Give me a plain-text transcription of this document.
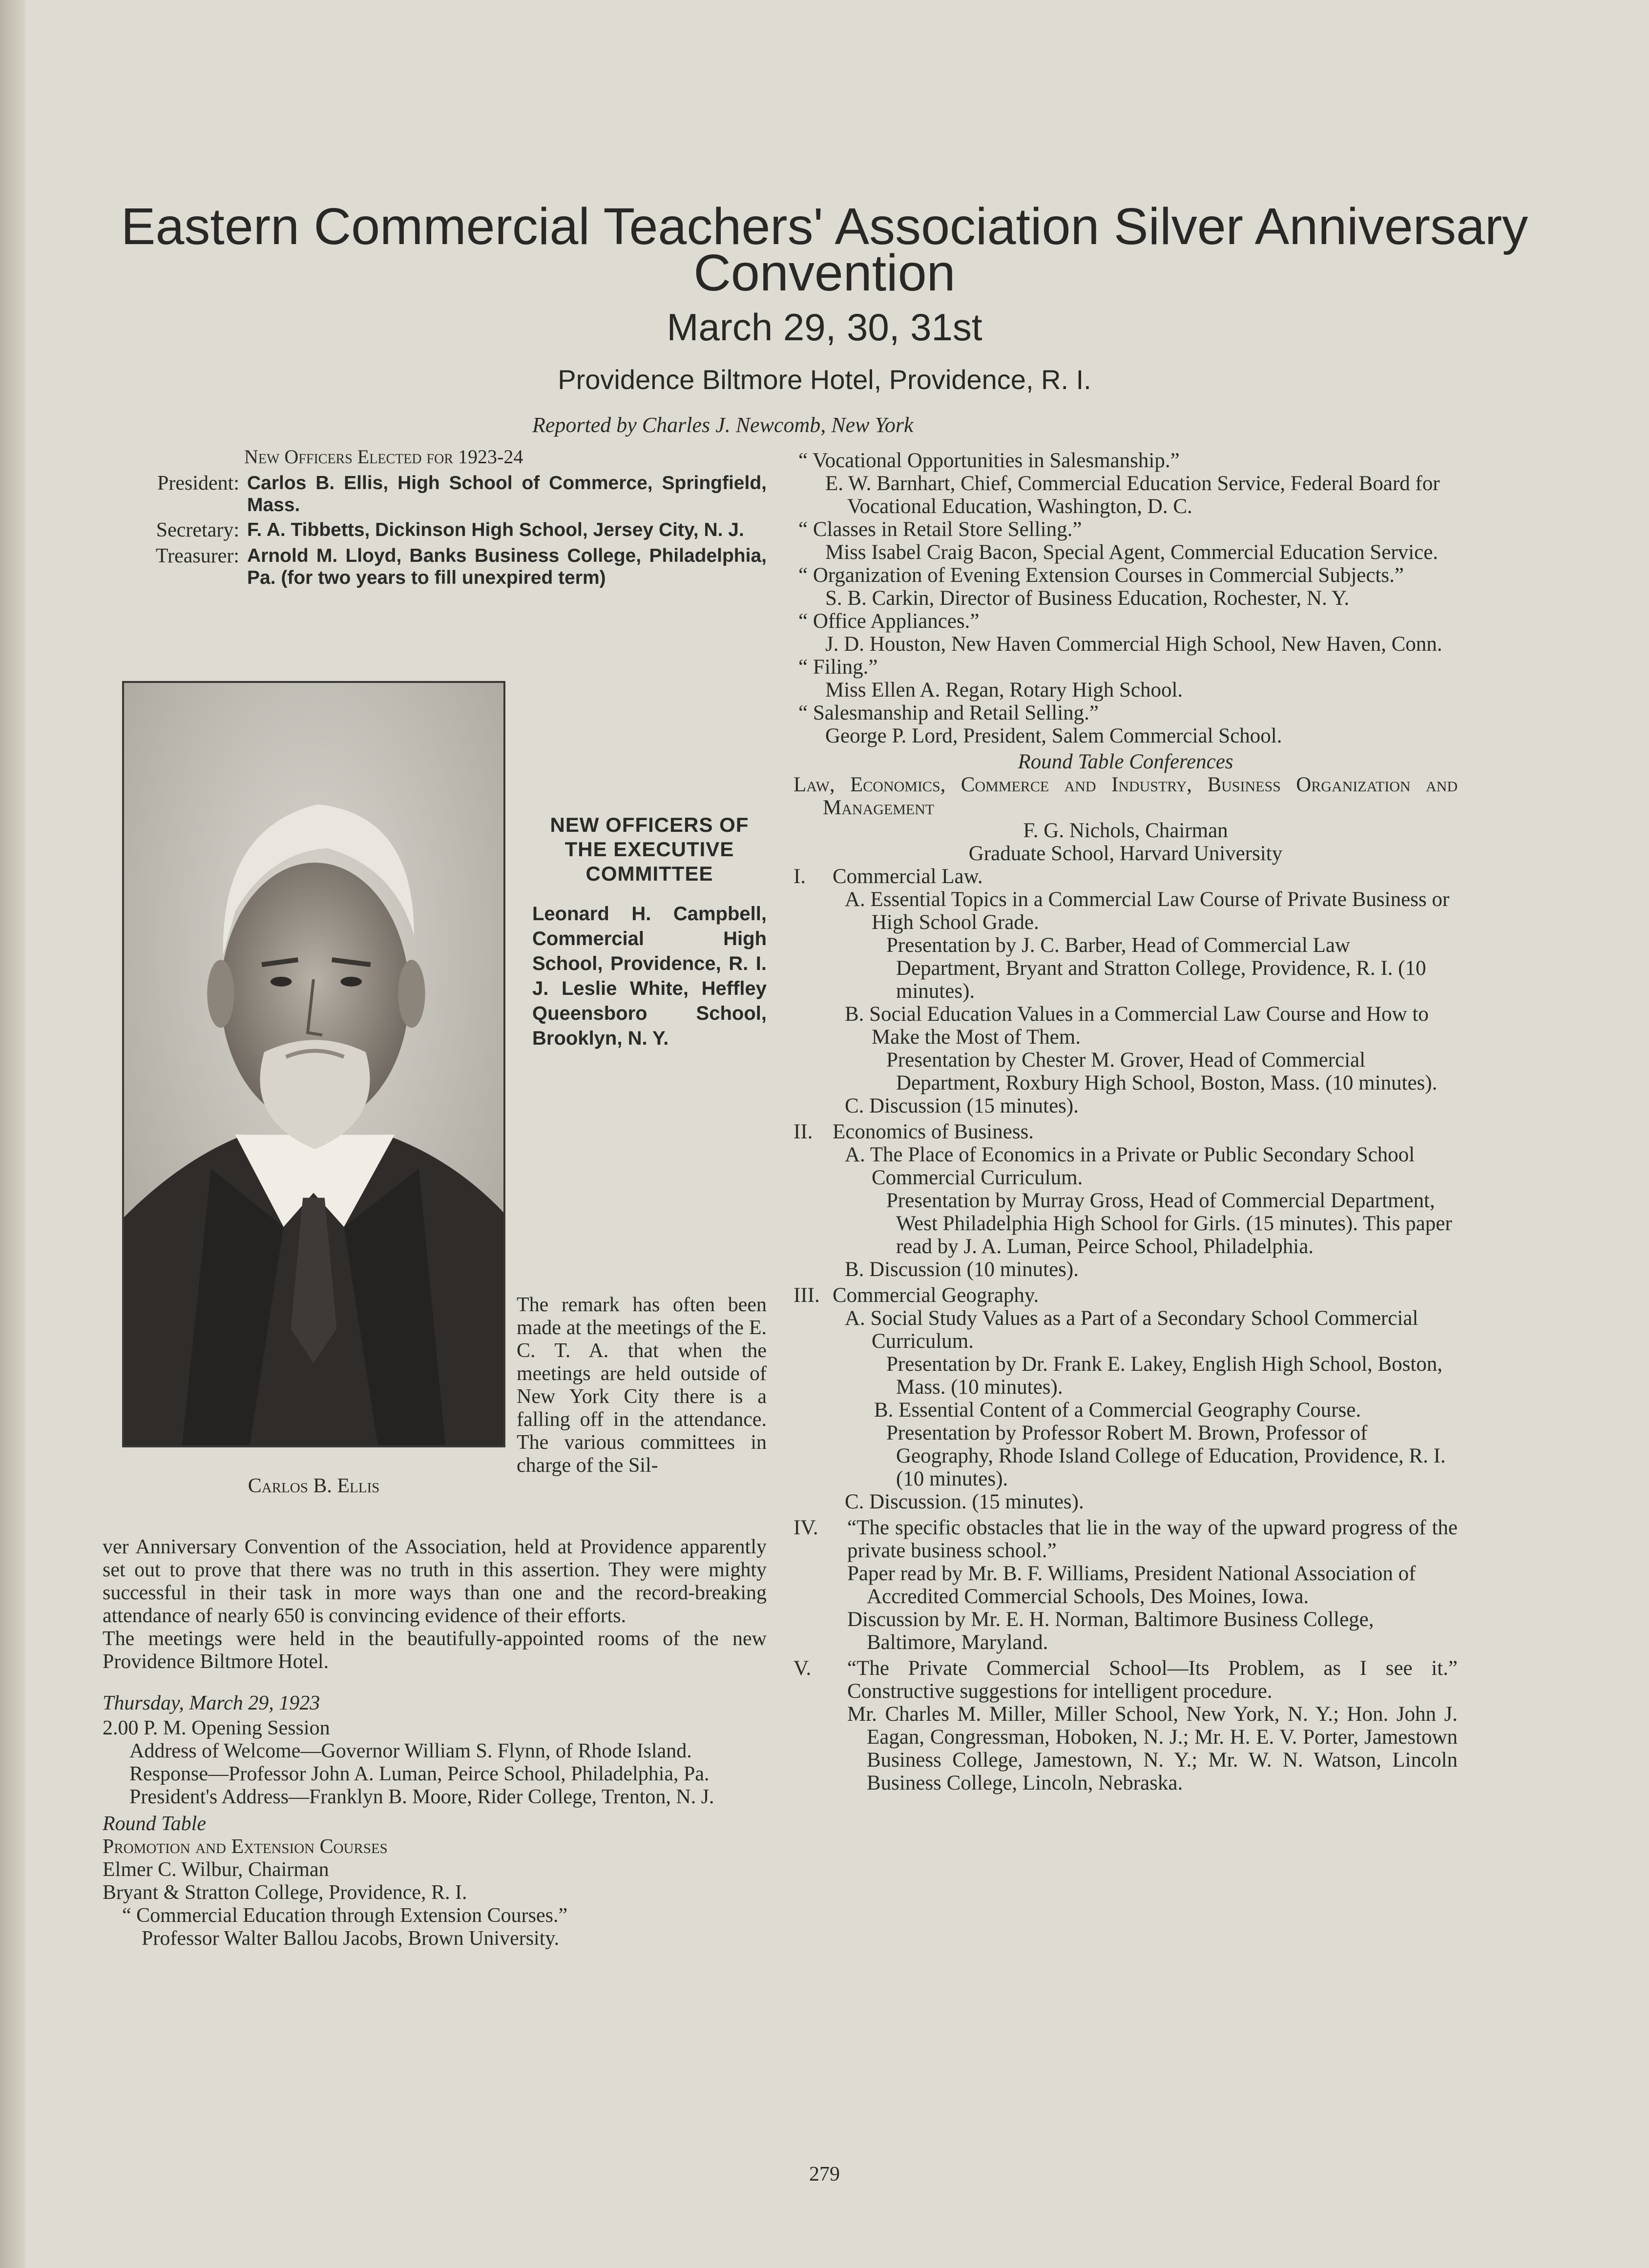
Eastern Commercial Teachers' Association Silver Anniversary
Convention
March 29, 30, 31st
Providence Biltmore Hotel, Providence, R. I.
Reported by Charles J. Newcomb, New York
New Officers Elected for 1923-24
President: Carlos B. Ellis, High School of Commerce, Springfield, Mass.
Secretary: F. A. Tibbetts, Dickinson High School, Jersey City, N. J.
Treasurer: Arnold M. Lloyd, Banks Business College, Philadelphia, Pa. (for two years to fill unexpired term)
Carlos B. Ellis
NEW OFFICERS OF THE EXECUTIVE COMMITTEE
Leonard H. Campbell, Commercial High School, Providence, R. I. J. Leslie White, Heffley Queensboro School, Brooklyn, N. Y.
The remark has often been made at the meetings of the E. C. T. A. that when the meetings are held outside of New York City there is a falling off in the attendance. The various committees in charge of the Sil-

ver Anniversary Convention of the Association, held at Providence apparently set out to prove that there was no truth in this assertion. They were mighty successful in their task in more ways than one and the record-breaking attendance of nearly 650 is convincing evidence of their efforts.

The meetings were held in the beautifully-appointed rooms of the new Providence Biltmore Hotel.

Thursday, March 29, 1923

2.00 P. M. Opening Session

Address of Welcome—Governor William S. Flynn, of Rhode Island.

Response—Professor John A. Luman, Peirce School, Philadelphia, Pa.

President's Address—Franklyn B. Moore, Rider College, Trenton, N. J.

Round Table

Promotion and Extension Courses

Elmer C. Wilbur, Chairman

Bryant & Stratton College, Providence, R. I.

“ Commercial Education through Extension Courses.”

Professor Walter Ballou Jacobs, Brown University.

“ Vocational Opportunities in Salesmanship.”

E. W. Barnhart, Chief, Commercial Education Service, Federal Board for Vocational Education, Washington, D. C.

“ Classes in Retail Store Selling.”

Miss Isabel Craig Bacon, Special Agent, Commercial Education Service.

“ Organization of Evening Extension Courses in Commercial Subjects.”

S. B. Carkin, Director of Business Education, Rochester, N. Y.

“ Office Appliances.”

J. D. Houston, New Haven Commercial High School, New Haven, Conn.

“ Filing.”

Miss Ellen A. Regan, Rotary High School.

“ Salesmanship and Retail Selling.”

George P. Lord, President, Salem Commercial School.

Round Table Conferences

Law, Economics, Commerce and Industry, Business Organization and Management

F. G. Nichols, Chairman

Graduate School, Harvard University

I.	Commercial Law.

A. Essential Topics in a Commercial Law Course of Private Business or High School Grade.

Presentation by J. C. Barber, Head of Commercial Law Department, Bryant and Stratton College, Providence, R. I. (10 minutes).

B. Social Education Values in a Commercial Law Course and How to Make the Most of Them.

Presentation by Chester M. Grover, Head of Commercial Department, Roxbury High School, Boston, Mass. (10 minutes).

C. Discussion (15 minutes).

II. Economics of Business.

A. The Place of Economics in a Private or Public Secondary School Commercial Curriculum.

Presentation by Murray Gross, Head of Commercial Department, West Philadelphia High School for Girls. (15 minutes). This paper read by J. A. Luman, Peirce School, Philadelphia.

B. Discussion (10 minutes).

III. Commercial Geography.

A. Social Study Values as a Part of a Secondary School Commercial Curriculum.

Presentation by Dr. Frank E. Lakey, English High School, Boston, Mass. (10 minutes).

B. Essential Content of a Commercial Geography Course.

Presentation by Professor Robert M. Brown, Professor of Geography, Rhode Island College of Education, Providence, R. I. (10 minutes).

C. Discussion. (15 minutes).

IV.	“The specific obstacles that lie in the way of the upward progress of the private business school.”

Paper read by Mr. B. F. Williams, President National Association of Accredited Commercial Schools, Des Moines, Iowa.

Discussion by Mr. E. H. Norman, Baltimore Business College, Baltimore, Maryland.

V.	“The Private Commercial School—Its Problem, as I see it.” Constructive suggestions for intelligent procedure.

Mr. Charles M. Miller, Miller School, New York, N. Y.; Hon. John J. Eagan, Congressman, Hoboken, N. J.; Mr. H. E. V. Porter, Jamestown Business College, Jamestown, N. Y.; Mr. W. N. Watson, Lincoln Business College, Lincoln, Nebraska.

279
